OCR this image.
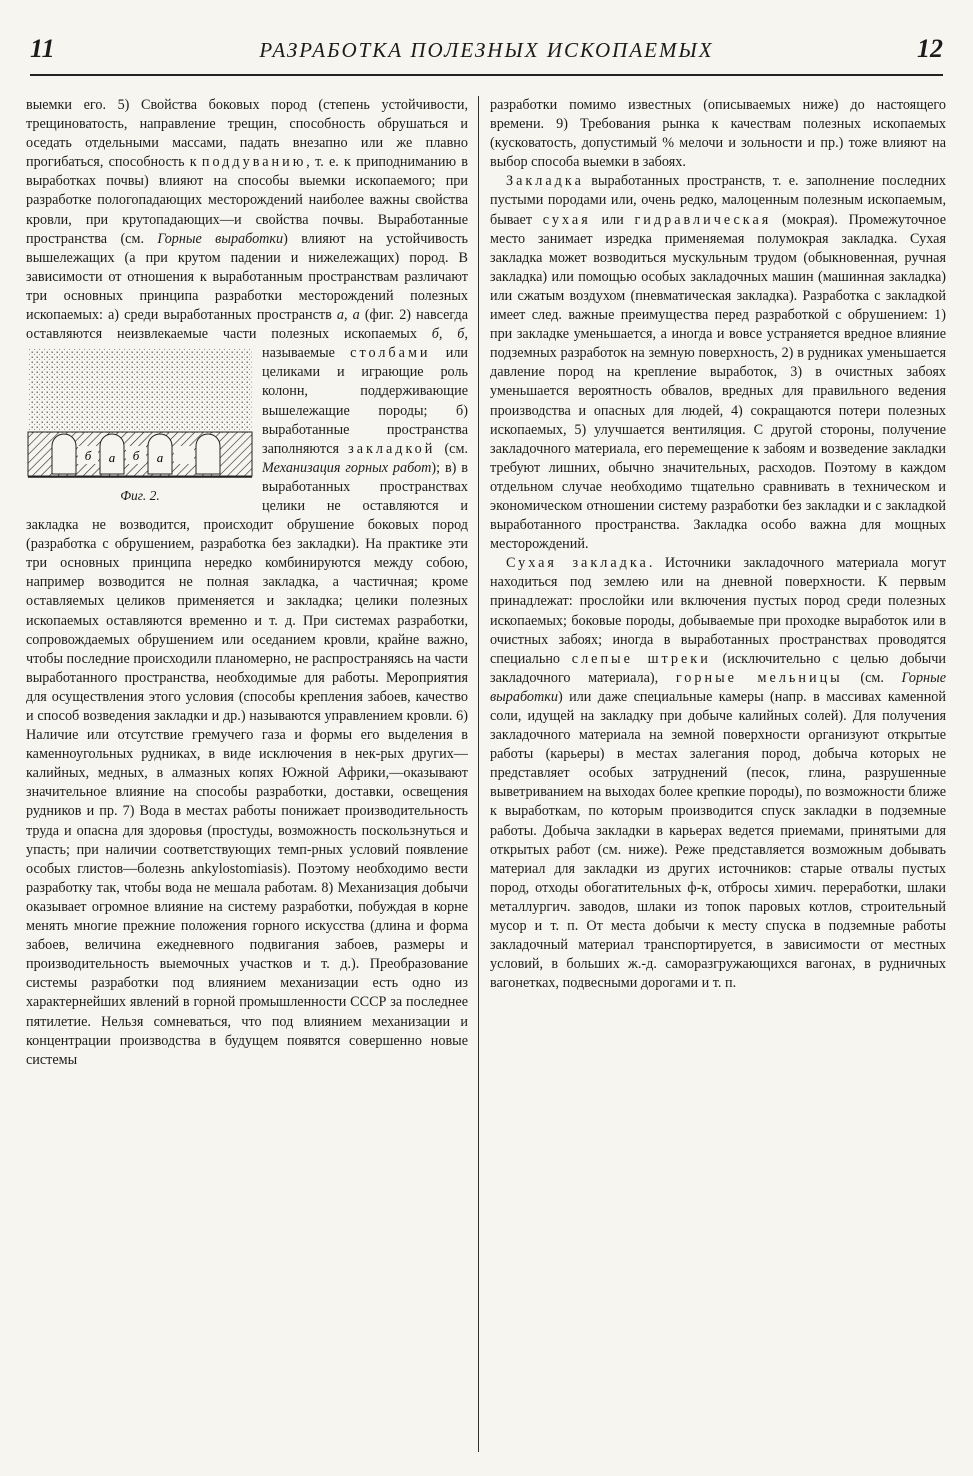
11	РАЗРАБОТКА ПОЛЕЗНЫХ ИСКОПАЕМЫХ	12

выемки его. 5) Свойства боковых пород (степень устойчивости, трещиноватость, направление трещин, способность обрушаться и оседать отдельными массами, падать внезапно или же плавно прогибаться, способность к поддуванию, т. е. к приподниманию в выработках почвы) влияют на способы выемки ископаемого; при разработке пологопадающих месторождений наиболее важны свойства кровли, при крутопадающих—и свойства почвы. Выработанные пространства (см. Горные выработки) влияют на устойчивость вышележащих (а при крутом падении и нижележащих) пород. В зависимости от отношения к выработанным пространствам различают три основных принципа разработки месторождений полезных ископаемых: а) среди выработанных пространств а, а (фиг. 2) навсегда оставляются неизвлекаемые части полезных ископаемых
б а б а
Фиг. 2.
б, б, называемые столбами или целиками и играющие роль колонн, поддерживающие вышележащие породы; б) выработанные пространства заполняются закладкой (см. Механизация горных работ); в) в выработанных пространствах целики не оставляются и закладка не возводится, происходит обрушение боковых пород (разработка с обрушением, разработка без закладки). На практике эти три основных принципа нередко комбинируются между собою, например возводится не полная закладка, а частичная; кроме оставляемых целиков применяется и закладка; целики полезных ископаемых оставляются временно и т. д. При системах разработки, сопровождаемых обрушением или оседанием кровли, крайне важно, чтобы последние происходили планомерно, не распространяясь на части выработанного пространства, необходимые для работы. Мероприятия для осуществления этого условия (способы крепления забоев, качество и способ возведения закладки и др.) называются управлением кровли. 6) Наличие или отсутствие гремучего газа и формы его выделения в каменноугольных рудниках, в виде исключения в нек-рых других—калийных, медных, в алмазных копях Южной Африки,—оказывают значительное влияние на способы разработки, доставки, освещения рудников и пр. 7) Вода в местах работы понижает производительность труда и опасна для здоровья (простуды, возможность поскользнуться и упасть; при наличии соответствующих темп-рных условий появление особых глистов—болезнь ankylostomiasis). Поэтому необходимо вести разработку так, чтобы вода не мешала работам. 8) Механизация добычи оказывает огромное влияние на систему разработки, побуждая в корне менять многие прежние положения горного искусства (длина и форма забоев, величина ежедневного подвигания забоев, размеры и производительность выемочных участков и т. д.). Преобразование системы разработки под влиянием механизации есть одно из характернейших явлений в горной промышленности СССР за последнее пятилетие. Нельзя сомневаться, что под влиянием механизации и концентрации производства в будущем появятся совершенно новые системы

разработки помимо известных (описываемых ниже) до настоящего времени. 9) Требования рынка к качествам полезных ископаемых (кусковатость, допустимый % мелочи и зольности и пр.) тоже влияют на выбор способа выемки в забоях.

Закладка выработанных пространств, т. е. заполнение последних пустыми породами или, очень редко, малоценным полезным ископаемым, бывает сухая или гидравлическая (мокрая). Промежуточное место занимает изредка применяемая полумокрая закладка. Сухая закладка может возводиться мускульным трудом (обыкновенная, ручная закладка) или помощью особых закладочных машин (машинная закладка) или сжатым воздухом (пневматическая закладка). Разработка с закладкой имеет след. важные преимущества перед разработкой с обрушением: 1) при закладке уменьшается, а иногда и вовсе устраняется вредное влияние подземных разработок на земную поверхность, 2) в рудниках уменьшается давление пород на крепление выработок, 3) в очистных забоях уменьшается вероятность обвалов, вредных для правильного ведения производства и опасных для людей, 4) сокращаются потери полезных ископаемых, 5) улучшается вентиляция. С другой стороны, получение закладочного материала, его перемещение к забоям и возведение закладки требуют лишних, обычно значительных, расходов. Поэтому в каждом отдельном случае необходимо тщательно сравнивать в техническом и экономическом отношении систему разработки без закладки и с закладкой выработанного пространства. Закладка особо важна для мощных месторождений.

Сухая закладка. Источники закладочного материала могут находиться под землею или на дневной поверхности. К первым принадлежат: прослойки или включения пустых пород среди полезных ископаемых; боковые породы, добываемые при проходке выработок или в очистных забоях; иногда в выработанных пространствах проводятся специально слепые штреки (исключительно с целью добычи закладочного материала), горные мельницы (см. Горные выработки) или даже специальные камеры (напр. в массивах каменной соли, идущей на закладку при добыче калийных солей). Для получения закладочного материала на земной поверхности организуют открытые работы (карьеры) в местах залегания пород, добыча которых не представляет особых затруднений (песок, глина, разрушенные выветриванием на выходах более крепкие породы), по возможности ближе к выработкам, по которым производится спуск закладки в подземные работы. Добыча закладки в карьерах ведется приемами, принятыми для открытых работ (см. ниже). Реже представляется возможным добывать материал для закладки из других источников: старые отвалы пустых пород, отходы обогатительных ф-к, отбросы химич. переработки, шлаки металлургич. заводов, шлаки из топок паровых котлов, строительный мусор и т. п. От места добычи к месту спуска в подземные работы закладочный материал транспортируется, в зависимости от местных условий, в больших ж.-д. саморазгружающихся вагонах, в рудничных вагонетках, подвесными дорогами и т. п.
